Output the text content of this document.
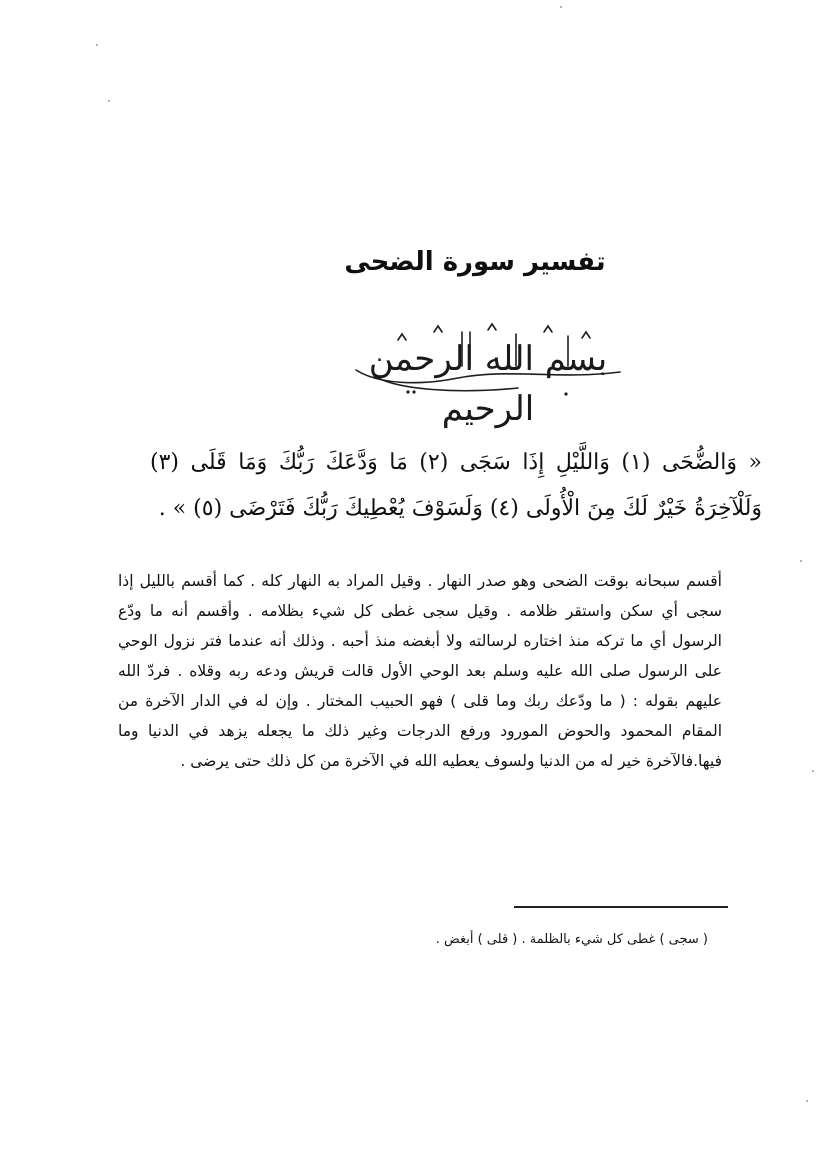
تفسير سورة الضحى
بسم الله الرحمن الرحيم
« وَالضُّحَى (١) وَاللَّيْلِ إِذَا سَجَى (٢) مَا وَدَّعَكَ رَبُّكَ وَمَا قَلَى (٣) وَلَلْآخِرَةُ خَيْرٌ لَكَ مِنَ الْأُولَى (٤) وَلَسَوْفَ يُعْطِيكَ رَبُّكَ فَتَرْضَى (٥) » .

أقسم سبحانه بوقت الضحى وهو صدر النهار . وقيل المراد به النهار كله . كما أقسم بالليل إذا سجى أي سكن واستقر ظلامه . وقيل سجى غطى كل شيء بظلامه . وأقسم أنه ما ودّع الرسول أي ما تركه منذ اختاره لرسالته ولا أبغضه منذ أحبه . وذلك أنه عندما فتر نزول الوحي على الرسول صلى الله عليه وسلم بعد الوحي الأول قالت قريش ودعه ربه وقلاه . فردّ الله عليهم بقوله : ( ما ودّعك ربك وما قلى ) فهو الحبيب المختار . وإن له في الدار الآخرة من المقام المحمود والحوض المورود ورفع الدرجات وغير ذلك ما يجعله يزهد في الدنيا وما فيها.فالآخرة خير له من الدنيا ولسوف يعطيه الله في الآخرة من كل ذلك حتى يرضى .

( سجى ) غطى كل شيء بالظلمة . ( قلى ) أبغض .
